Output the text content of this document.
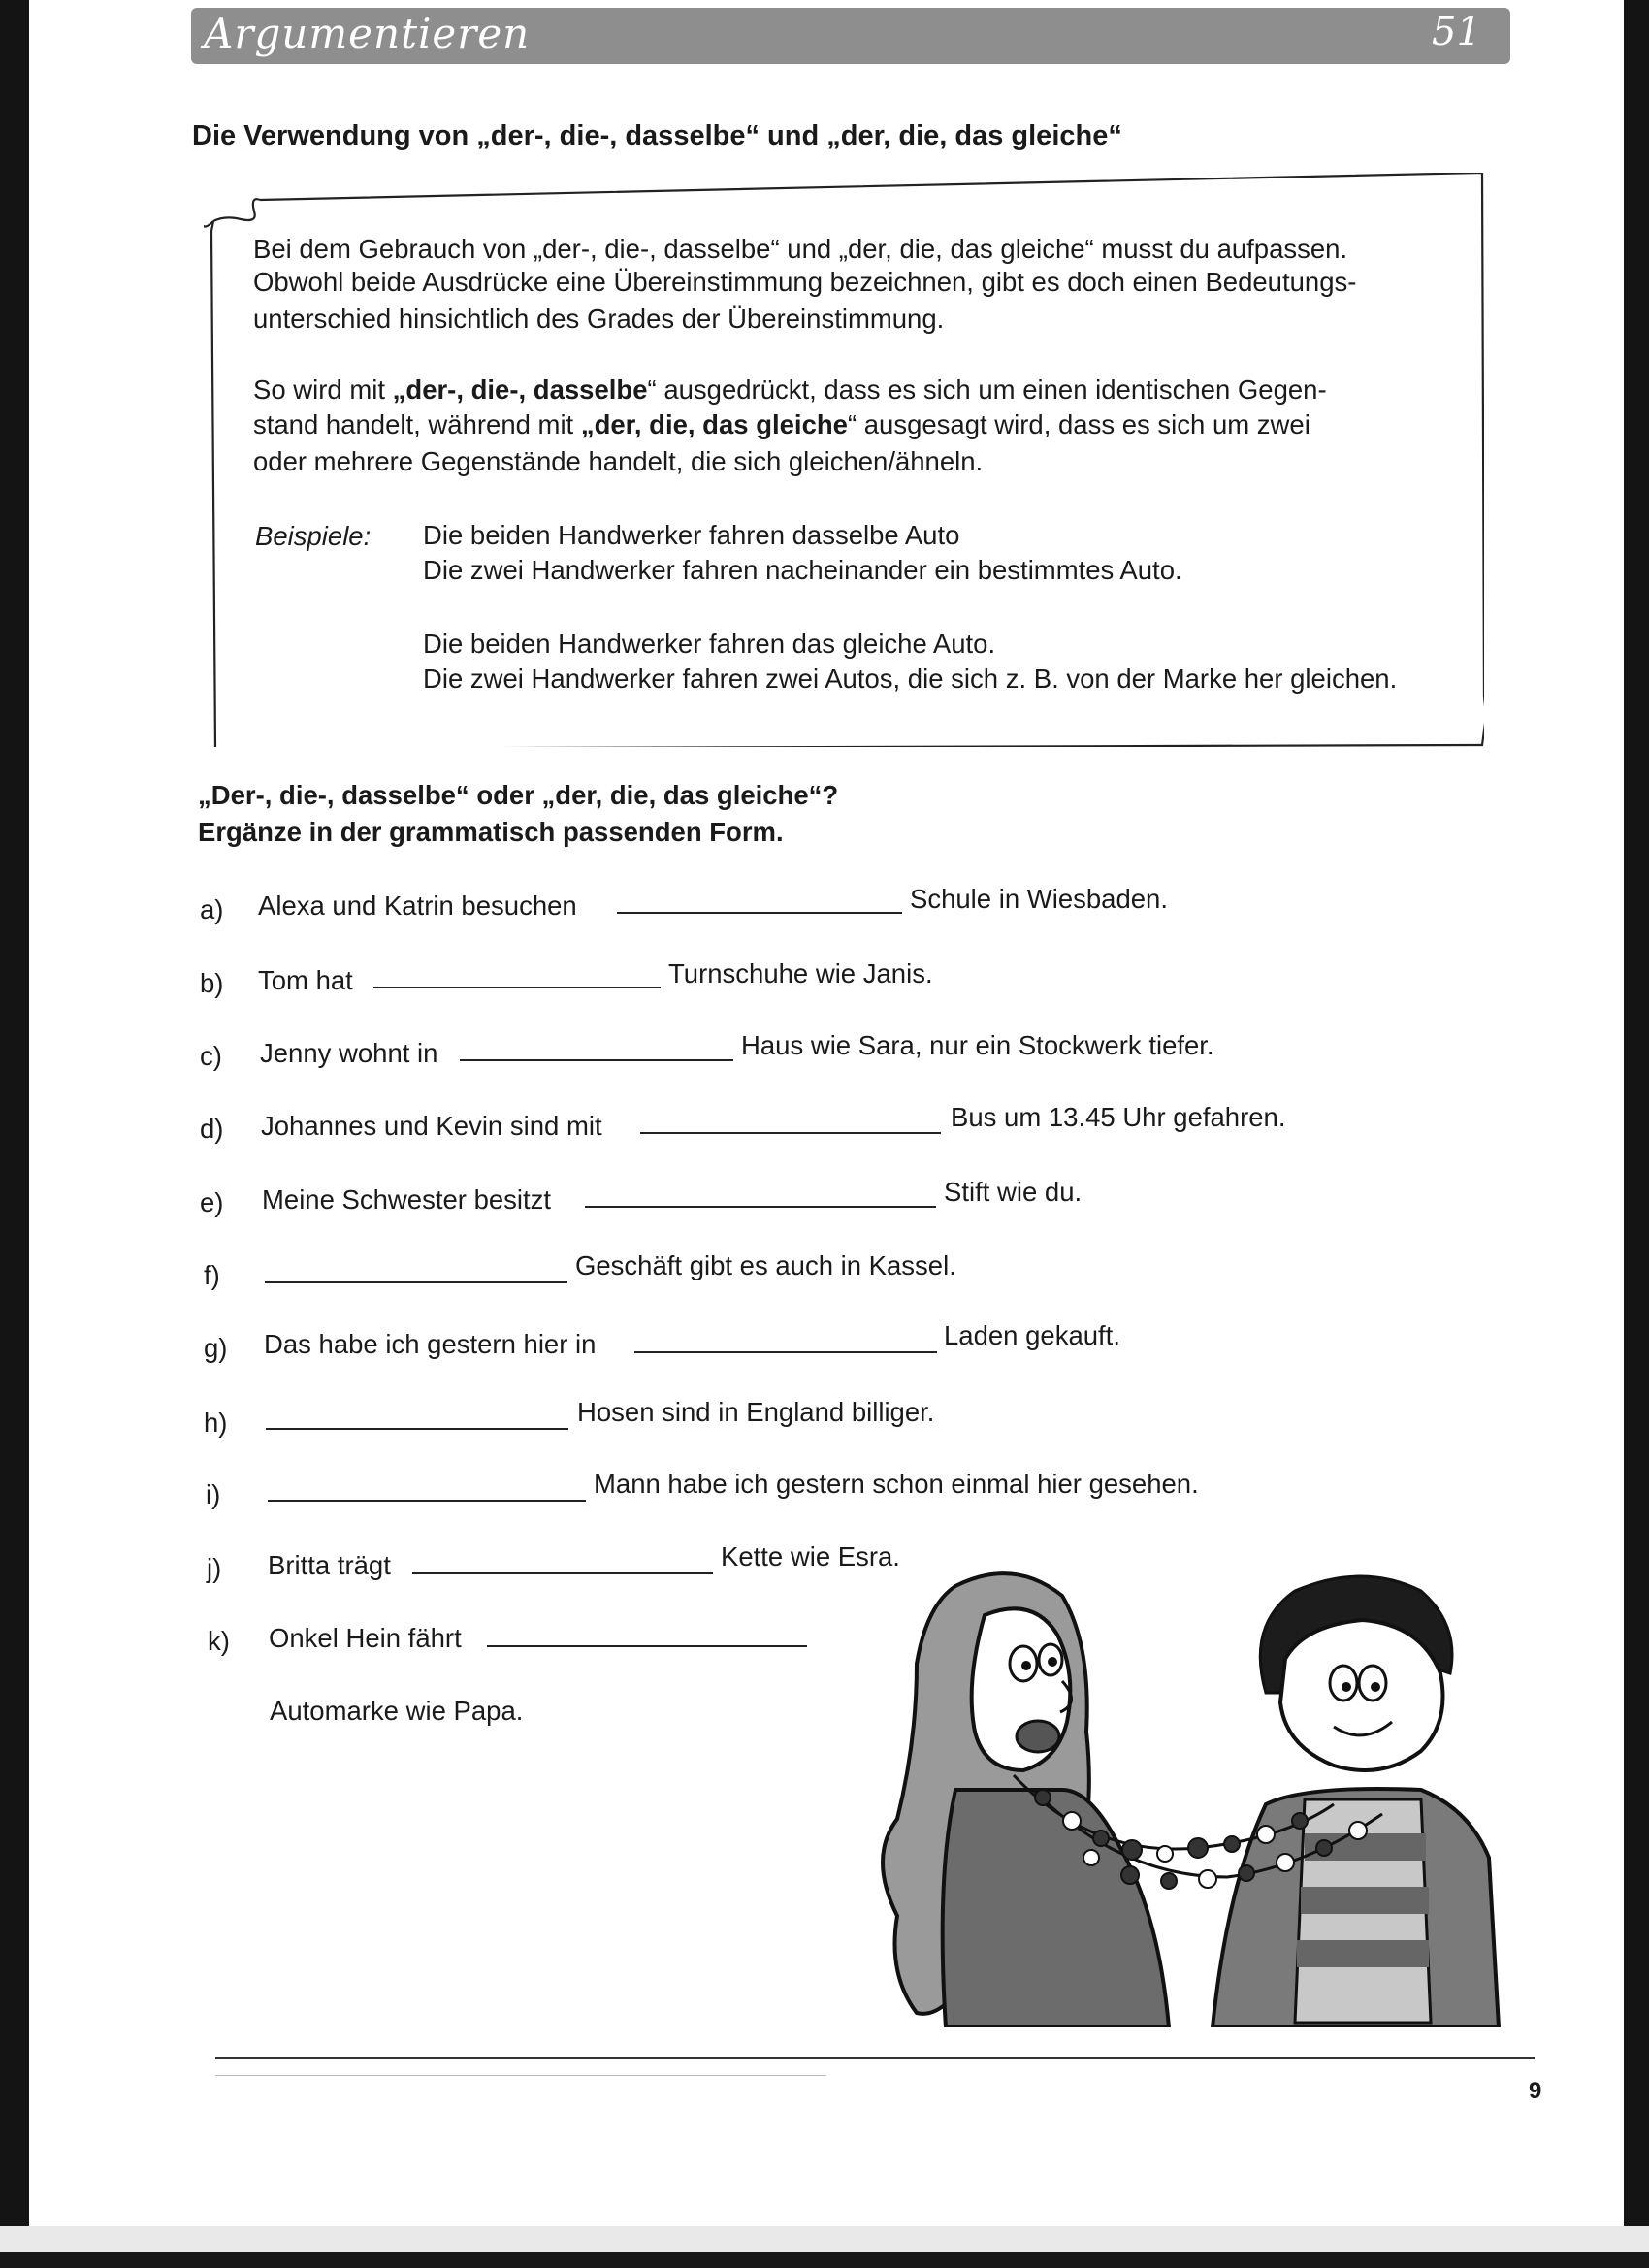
Argumentieren	51
Die Verwendung von „der-, die-, dasselbe“ und „der, die, das gleiche“
Bei dem Gebrauch von „der-, die-, dasselbe“ und „der, die, das gleiche“ musst du aufpassen.
Obwohl beide Ausdrücke eine Übereinstimmung bezeichnen, gibt es doch einen Bedeutungs-
unterschied hinsichtlich des Grades der Übereinstimmung.
So wird mit „der-, die-, dasselbe“ ausgedrückt, dass es sich um einen identischen Gegen-
stand handelt, während mit „der, die, das gleiche“ ausgesagt wird, dass es sich um zwei
oder mehrere Gegenstände handelt, die sich gleichen/ähneln.
Beispiele: Die beiden Handwerker fahren dasselbe Auto
Die zwei Handwerker fahren nacheinander ein bestimmtes Auto.
Die beiden Handwerker fahren das gleiche Auto.
Die zwei Handwerker fahren zwei Autos, die sich z. B. von der Marke her gleichen.
„Der-, die-, dasselbe“ oder „der, die, das gleiche“?
Ergänze in der grammatisch passenden Form.
a) Alexa und Katrin besuchen	Schule in Wiesbaden.
b) Tom hat	Turnschuhe wie Janis.
c) Jenny wohnt in	Haus wie Sara, nur ein Stockwerk tiefer.
d) Johannes und Kevin sind mit	Bus um 13.45 Uhr gefahren.
e) Meine Schwester besitzt	Stift wie du.
f)	Geschäft gibt es auch in Kassel.
g) Das habe ich gestern hier in	Laden gekauft.
h)	Hosen sind in England billiger.
i)	Mann habe ich gestern schon einmal hier gesehen.
j) Britta trägt	Kette wie Esra.
k) Onkel Hein fährt
Automarke wie Papa.
9
